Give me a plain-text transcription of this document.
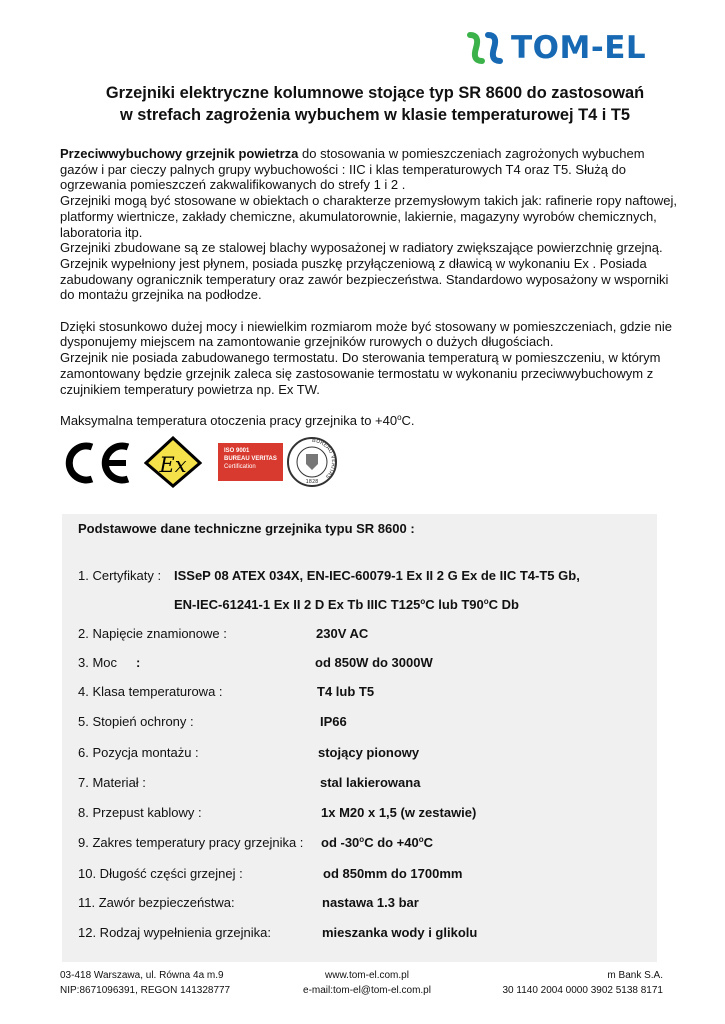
TOM-EL
Grzejniki elektryczne kolumnowe stojące typ SR 8600 do zastosowań
w strefach zagrożenia wybuchem w klasie temperaturowej T4 i T5

Przeciwwybuchowy grzejnik powietrza do stosowania w pomieszczeniach zagrożonych wybuchem gazów i par cieczy palnych grupy wybuchowości : IIC i klas temperaturowych T4 oraz T5. Służą do ogrzewania pomieszczeń zakwalifikowanych do strefy 1 i 2 .

Grzejniki mogą być stosowane w obiektach o charakterze przemysłowym takich jak: rafinerie ropy naftowej, platformy wiertnicze, zakłady chemiczne, akumulatorownie, lakiernie, magazyny wyrobów chemicznych, laboratoria itp.

Grzejniki zbudowane są ze stalowej blachy wyposażonej w radiatory zwiększające powierzchnię grzejną. Grzejnik wypełniony jest płynem, posiada puszkę przyłączeniową z dławicą w wykonaniu Ex . Posiada zabudowany ogranicznik temperatury oraz zawór bezpieczeństwa. Standardowo wyposażony w wsporniki do montażu grzejnika na podłodze.

Dzięki stosunkowo dużej mocy i niewielkim rozmiarom może być stosowany w pomieszczeniach, gdzie nie dysponujemy miejscem na zamontowanie grzejników rurowych o dużych długościach.

Grzejnik nie posiada zabudowanego termostatu. Do sterowania temperaturą w pomieszczeniu, w którym zamontowany będzie grzejnik zaleca się zastosowanie termostatu w wykonaniu przeciwwybuchowym z czujnikiem temperatury powietrza np. Ex TW.

Maksymalna temperatura otoczenia pracy grzejnika to $+40^oC$.

Ex
ISO 9001
BUREAU VERITAS
Certification
BUREAU VERITAS
1828
Podstawowe dane techniczne grzejnika typu SR 8600 :
1. Certyfikaty : ISSeP 08 ATEX 034X, EN-IEC-60079-1 Ex II 2 G Ex de IIC T4-T5 Gb,
EN-IEC-61241-1 Ex II 2 D Ex Tb IIIC T125$^o$C lub T90$^o$C Db
2. Napięcie znamionowe :	230V AC
3. Moc :	od 850W do 3000W
4. Klasa temperaturowa :	T4 lub T5
5. Stopień ochrony :	IP66
6. Pozycja montażu :	stojący pionowy
7. Materiał :	stal lakierowana
8. Przepust kablowy :	1x M20 x 1,5 (w zestawie)
9. Zakres temperatury pracy grzejnika : od -30$^o$C do $+40^oC$
10. Długość części grzejnej :	od 850mm do 1700mm
11. Zawór bezpieczeństwa:	nastawa 1.3 bar
12. Rodzaj wypełnienia grzejnika:	mieszanka wody i glikolu
03-418 Warszawa, ul. Równa 4a m.9
NIP:8671096391, REGON 141328777
www.tom-el.com.pl
e-mail:tom-el@tom-el.com.pl
m Bank S.A.
30 1140 2004 0000 3902 5138 8171
